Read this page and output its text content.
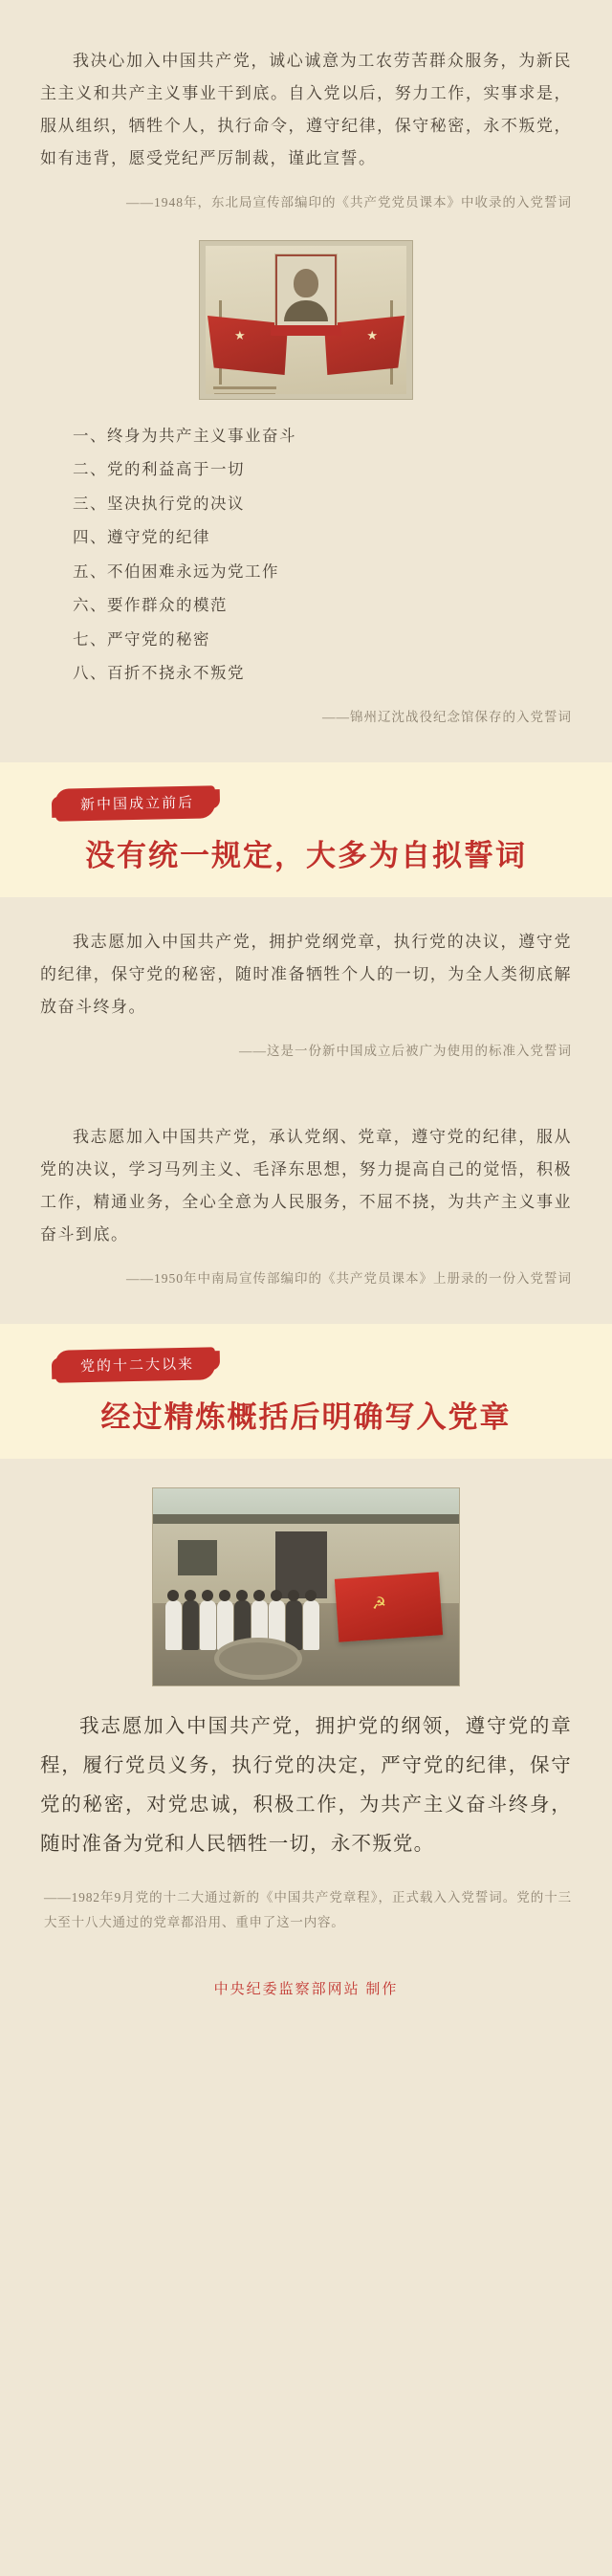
我决心加入中国共产党，诚心诚意为工农劳苦群众服务，为新民主主义和共产主义事业干到底。自入党以后，努力工作，实事求是，服从组织，牺牲个人，执行命令，遵守纪律，保守秘密，永不叛党，如有违背，愿受党纪严厉制裁，谨此宣誓。

——1948年，东北局宣传部编印的《共产党党员课本》中收录的入党誓词

★	★
一、终身为共产主义事业奋斗
二、党的利益高于一切
三、坚决执行党的决议
四、遵守党的纪律
五、不伯困难永远为党工作
六、要作群众的模范
七、严守党的秘密
八、百折不挠永不叛党

——锦州辽沈战役纪念馆保存的入党誓词

新中国成立前后
没有统一规定，大多为自拟誓词

我志愿加入中国共产党，拥护党纲党章，执行党的决议，遵守党的纪律，保守党的秘密，随时准备牺牲个人的一切，为全人类彻底解放奋斗终身。

——这是一份新中国成立后被广为使用的标准入党誓词

我志愿加入中国共产党，承认党纲、党章，遵守党的纪律，服从党的决议，学习马列主义、毛泽东思想，努力提高自己的觉悟，积极工作，精通业务，全心全意为人民服务，不屈不挠，为共产主义事业奋斗到底。

——1950年中南局宣传部编印的《共产党员课本》上册录的一份入党誓词

党的十二大以来
经过精炼概括后明确写入党章
☭

我志愿加入中国共产党，拥护党的纲领，遵守党的章程，履行党员义务，执行党的决定，严守党的纪律，保守党的秘密，对党忠诚，积极工作，为共产主义奋斗终身，随时准备为党和人民牺牲一切，永不叛党。

——1982年9月党的十二大通过新的《中国共产党章程》，正式载入入党誓词。党的十三大至十八大通过的党章都沿用、重申了这一内容。

中央纪委监察部网站 制作
